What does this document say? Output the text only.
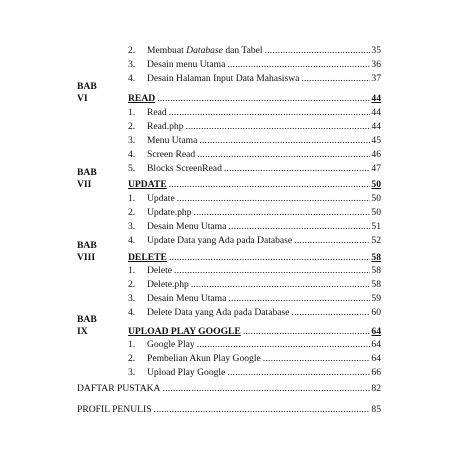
2. Membuat Database dan Tabel .....	35
3. Desain menu Utama .....	36
4. Desain Halaman Input Data Mahasiswa .....	37
BAB VI	READ .....	44
1. Read .....	44
2. Read.php .....	44
3. Menu Utama .....	45
4. Screen Read .....	46
5. Blocks ScreenRead .....	47
BAB VII	UPDATE .....	50
1. Update .....	50
2. Update.php .....	50
3. Desain Menu Utama .....	51
4. Update Data yang Ada pada Database .....	52
BAB VIII	DELETE .....	58
1. Delete .....	58
2. Delete.php .....	58
3. Desain Menu Utama .....	59
4. Delete Data yang Ada pada Database .....	60
BAB IX	UPLOAD PLAY GOOGLE .....	64
1. Google Play .....	64
2. Pembelian Akun Play Google .....	64
3. Upload Play Google .....	66
DAFTAR PUSTAKA .....	82
PROFIL PENULIS .....	85
